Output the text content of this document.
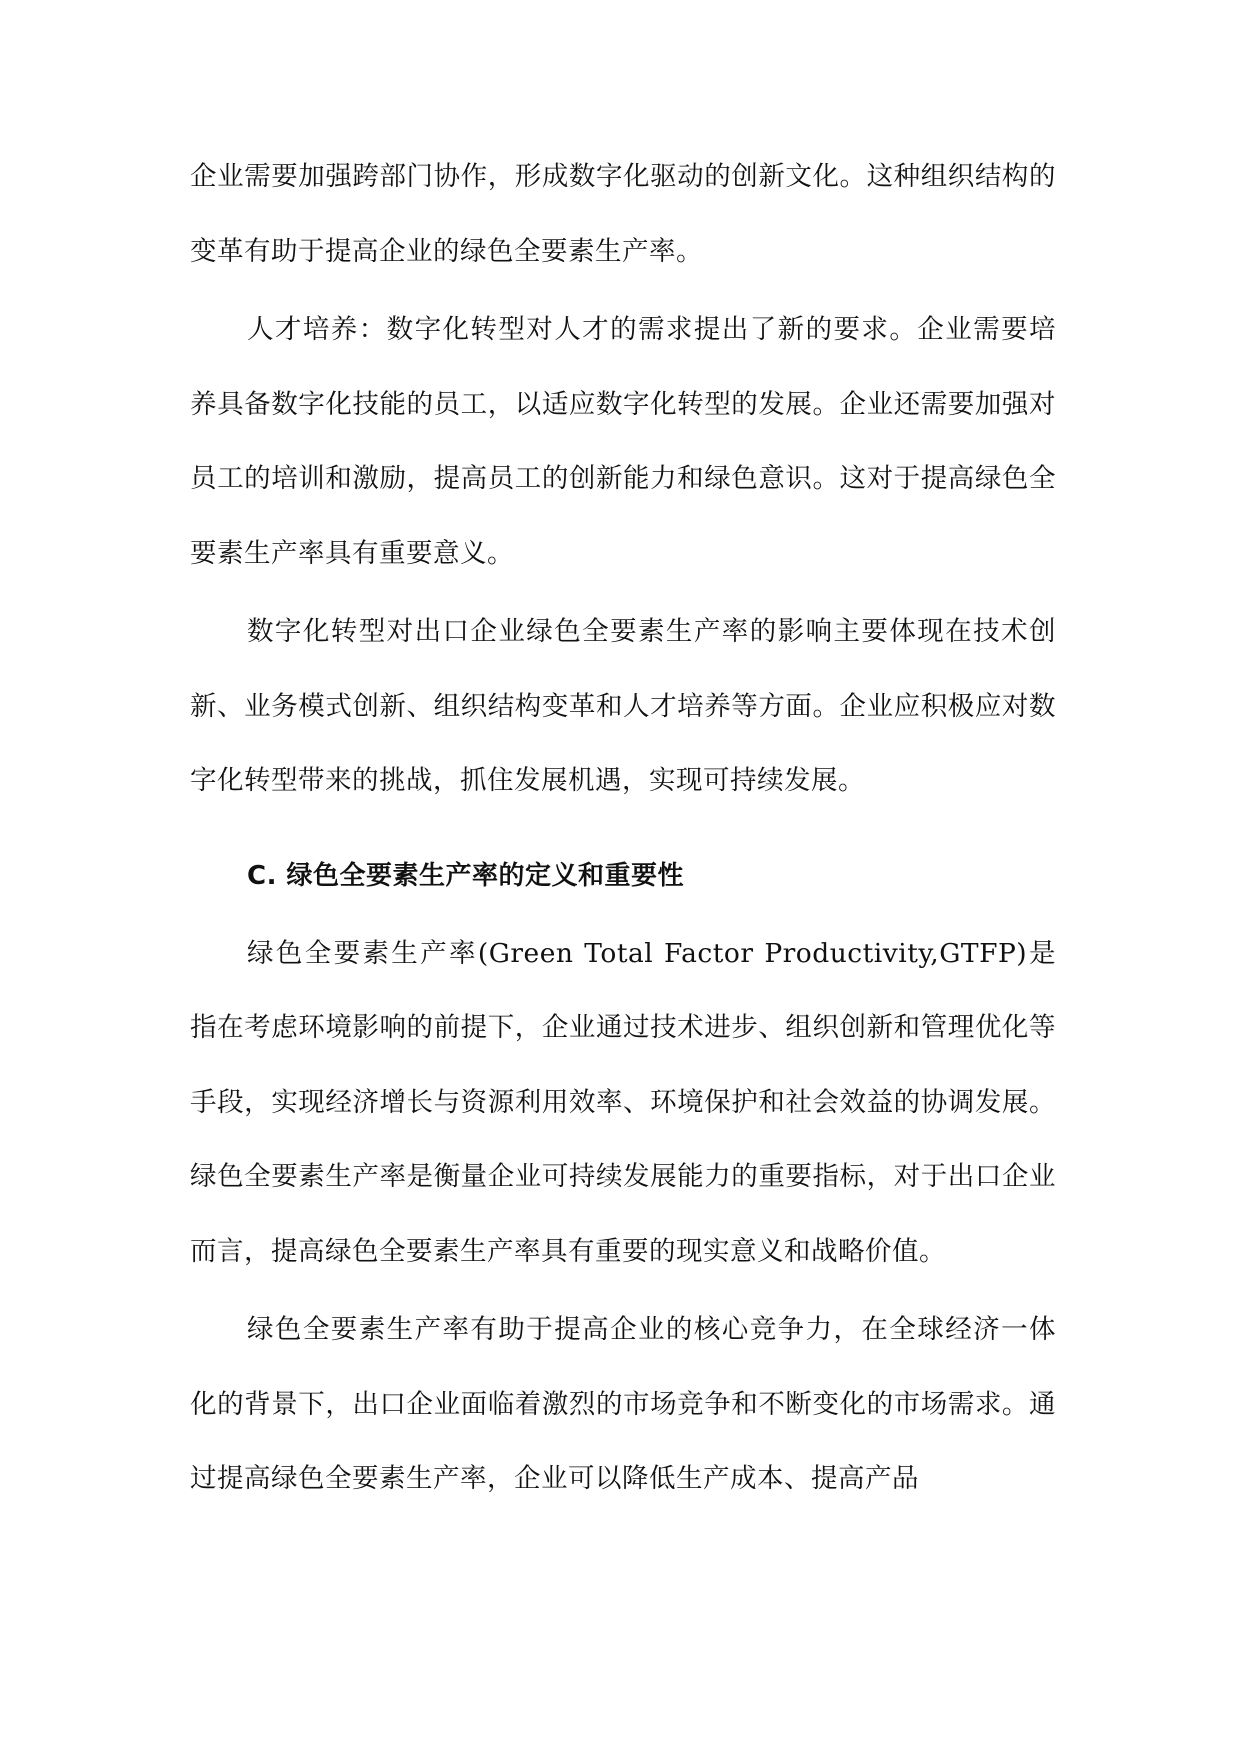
企业需要加强跨部门协作，形成数字化驱动的创新文化。这种组织结构的变革有助于提高企业的绿色全要素生产率。

人才培养：数字化转型对人才的需求提出了新的要求。企业需要培养具备数字化技能的员工，以适应数字化转型的发展。企业还需要加强对员工的培训和激励，提高员工的创新能力和绿色意识。这对于提高绿色全要素生产率具有重要意义。

数字化转型对出口企业绿色全要素生产率的影响主要体现在技术创新、业务模式创新、组织结构变革和人才培养等方面。企业应积极应对数字化转型带来的挑战，抓住发展机遇，实现可持续发展。

C. 绿色全要素生产率的定义和重要性

绿色全要素生产率(Green Total Factor Productivity,GTFP)是指在考虑环境影响的前提下，企业通过技术进步、组织创新和管理优化等手段，实现经济增长与资源利用效率、环境保护和社会效益的协调发展。绿色全要素生产率是衡量企业可持续发展能力的重要指标，对于出口企业而言，提高绿色全要素生产率具有重要的现实意义和战略价值。

绿色全要素生产率有助于提高企业的核心竞争力，在全球经济一体化的背景下，出口企业面临着激烈的市场竞争和不断变化的市场需求。通过提高绿色全要素生产率，企业可以降低生产成本、提高产品
